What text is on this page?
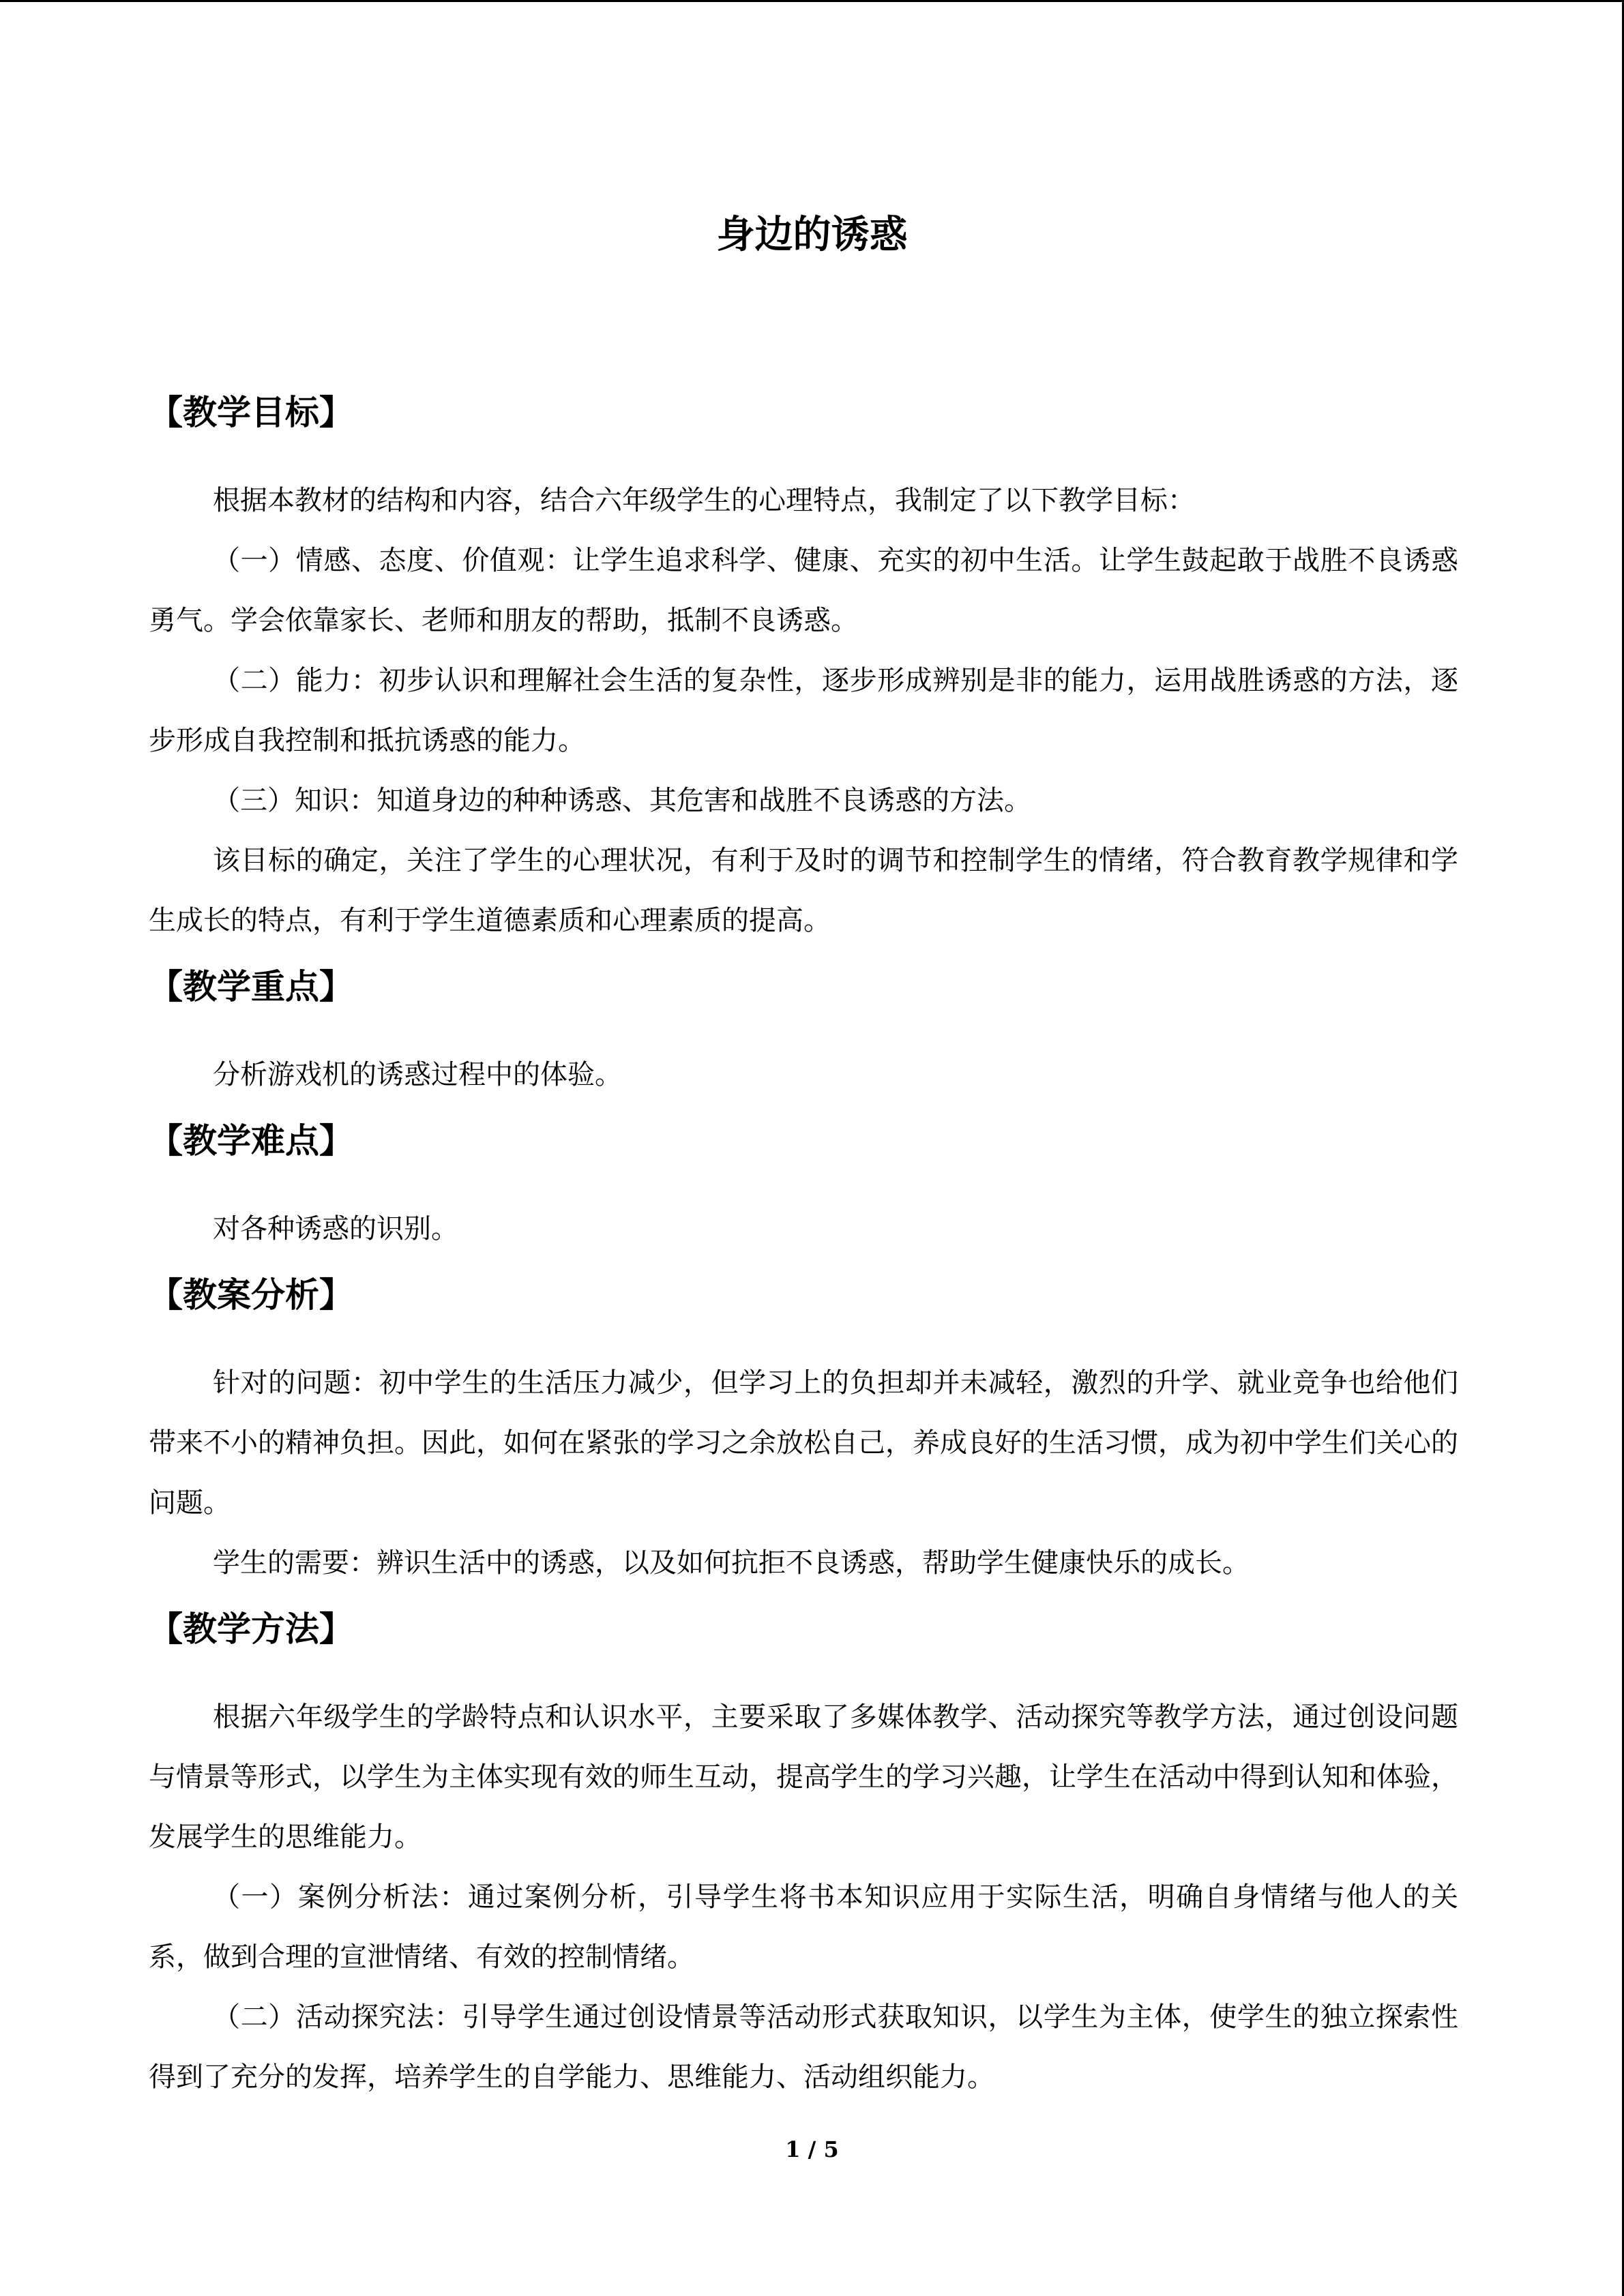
身边的诱惑
【教学目标】

根据本教材的结构和内容，结合六年级学生的心理特点，我制定了以下教学目标：

（一）情感、态度、价值观：让学生追求科学、健康、充实的初中生活。让学生鼓起敢于战胜不良诱惑勇气。学会依靠家长、老师和朋友的帮助，抵制不良诱惑。

（二）能力：初步认识和理解社会生活的复杂性，逐步形成辨别是非的能力，运用战胜诱惑的方法，逐步形成自我控制和抵抗诱惑的能力。

（三）知识：知道身边的种种诱惑、其危害和战胜不良诱惑的方法。

该目标的确定，关注了学生的心理状况，有利于及时的调节和控制学生的情绪，符合教育教学规律和学生成长的特点，有利于学生道德素质和心理素质的提高。

【教学重点】

分析游戏机的诱惑过程中的体验。

【教学难点】

对各种诱惑的识别。

【教案分析】

针对的问题：初中学生的生活压力减少，但学习上的负担却并未减轻，激烈的升学、就业竞争也给他们带来不小的精神负担。因此，如何在紧张的学习之余放松自己，养成良好的生活习惯，成为初中学生们关心的问题。

学生的需要：辨识生活中的诱惑，以及如何抗拒不良诱惑，帮助学生健康快乐的成长。

【教学方法】

根据六年级学生的学龄特点和认识水平，主要采取了多媒体教学、活动探究等教学方法，通过创设问题与情景等形式，以学生为主体实现有效的师生互动，提高学生的学习兴趣，让学生在活动中得到认知和体验，发展学生的思维能力。

（一）案例分析法：通过案例分析，引导学生将书本知识应用于实际生活，明确自身情绪与他人的关系，做到合理的宣泄情绪、有效的控制情绪。

（二）活动探究法：引导学生通过创设情景等活动形式获取知识，以学生为主体，使学生的独立探索性得到了充分的发挥，培养学生的自学能力、思维能力、活动组织能力。

1 / 5
